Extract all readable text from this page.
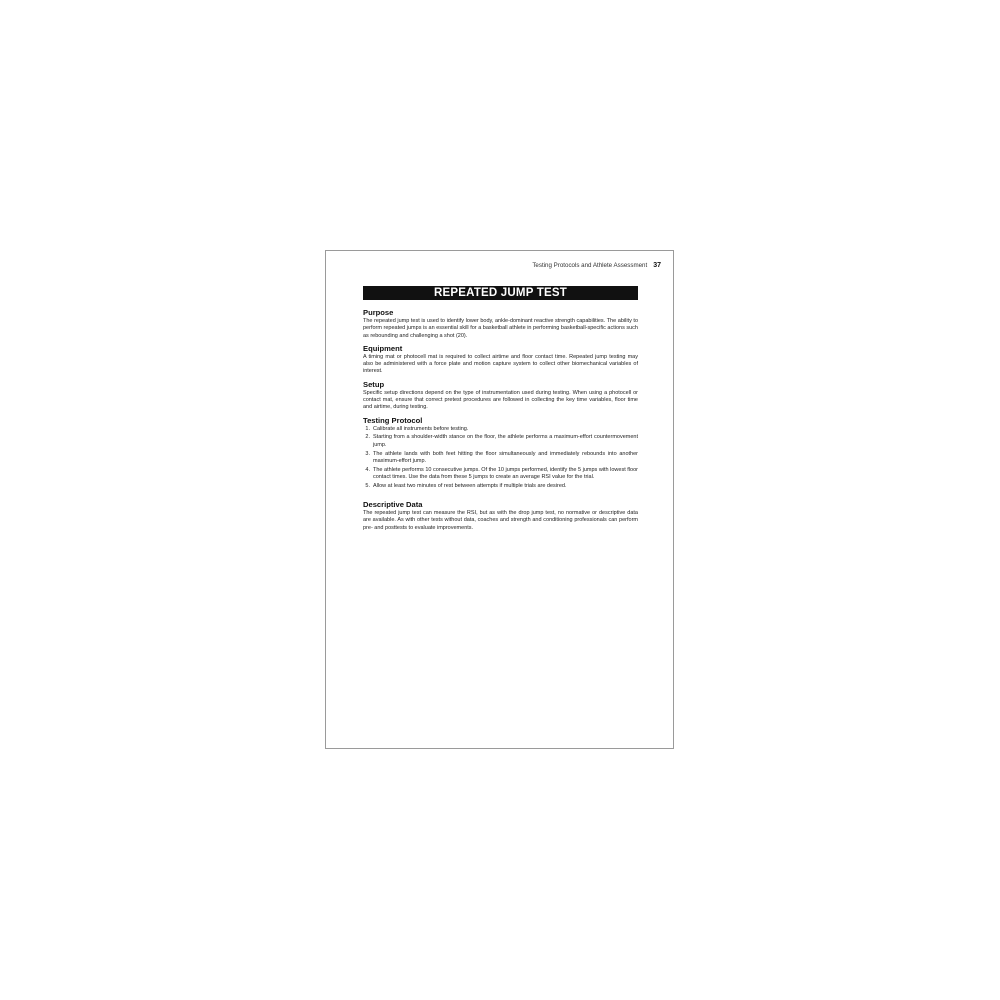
Testing Protocols and Athlete Assessment 37
REPEATED JUMP TEST
Purpose

The repeated jump test is used to identify lower body, ankle-dominant reactive strength capabilities. The ability to perform repeated jumps is an essential skill for a basketball athlete in performing basketball-specific actions such as rebounding and challenging a shot (20).

Equipment

A timing mat or photocell mat is required to collect airtime and floor contact time. Repeated jump testing may also be administered with a force plate and motion capture system to collect other biomechanical variables of interest.

Setup

Specific setup directions depend on the type of instrumentation used during testing. When using a photocell or contact mat, ensure that correct pretest procedures are followed in collecting the key time variables, floor time and airtime, during testing.

Testing Protocol
1. Calibrate all instruments before testing.
2. Starting from a shoulder-width stance on the floor, the athlete performs a maximum-effort countermovement jump.
3. The athlete lands with both feet hitting the floor simultaneously and immediately rebounds into another maximum-effort jump.
4. The athlete performs 10 consecutive jumps. Of the 10 jumps performed, identify the 5 jumps with lowest floor contact times. Use the data from these 5 jumps to create an average RSI value for the trial.
5. Allow at least two minutes of rest between attempts if multiple trials are desired.
Descriptive Data

The repeated jump test can measure the RSI, but as with the drop jump test, no normative or descriptive data are available. As with other tests without data, coaches and strength and conditioning professionals can perform pre- and posttests to evaluate improvements.
